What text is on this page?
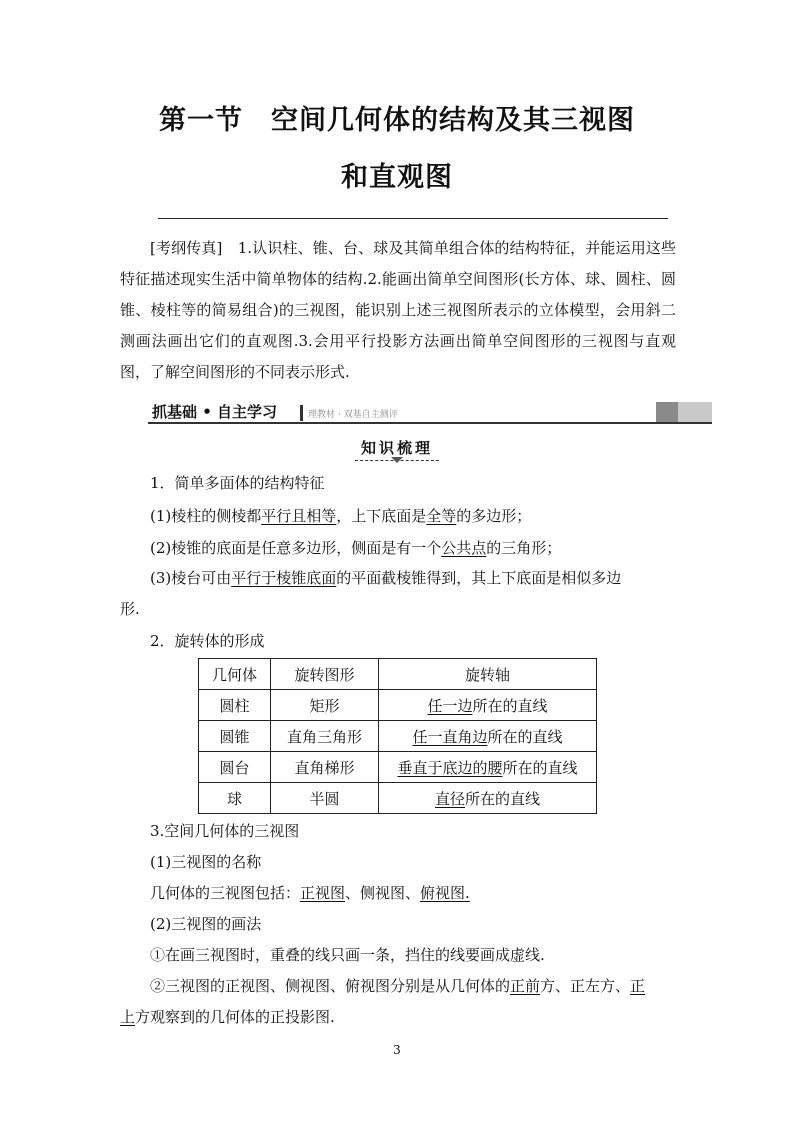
第一节　空间几何体的结构及其三视图
和直观图
[考纲传真]　 1.认识柱、锥、台、球及其简单组合体的结构特征，并能运用这些特征描述现实生活中简单物体的结构.2.能画出简单空间图形(长方体、球、圆柱、圆锥、棱柱等的简易组合)的三视图，能识别上述三视图所表示的立体模型，会用斜二测画法画出它们的直观图.3.会用平行投影方法画出简单空间图形的三视图与直观图，了解空间图形的不同表示形式.
抓基础 • 自主学习	理教材 · 双基自主测评
知识梳理
1．简单多面体的结构特征
(1)棱柱的侧棱都平行且相等，上下底面是全等的多边形；
(2)棱锥的底面是任意多边形，侧面是有一个公共点的三角形；
(3)棱台可由平行于棱锥底面的平面截棱锥得到，其上下底面是相似多边
形.
2．旋转体的形成
几何体	旋转图形	旋转轴
圆柱	矩形	任一边所在的直线
圆锥	直角三角形	任一直角边所在的直线
圆台	直角梯形	垂直于底边的腰所在的直线
球	半圆	直径所在的直线
3.空间几何体的三视图
(1)三视图的名称
几何体的三视图包括：正视图、侧视图、俯视图.
(2)三视图的画法
①在画三视图时，重叠的线只画一条，挡住的线要画成虚线.
②三视图的正视图、侧视图、俯视图分别是从几何体的正前方、正左方、正
上方观察到的几何体的正投影图.
3
